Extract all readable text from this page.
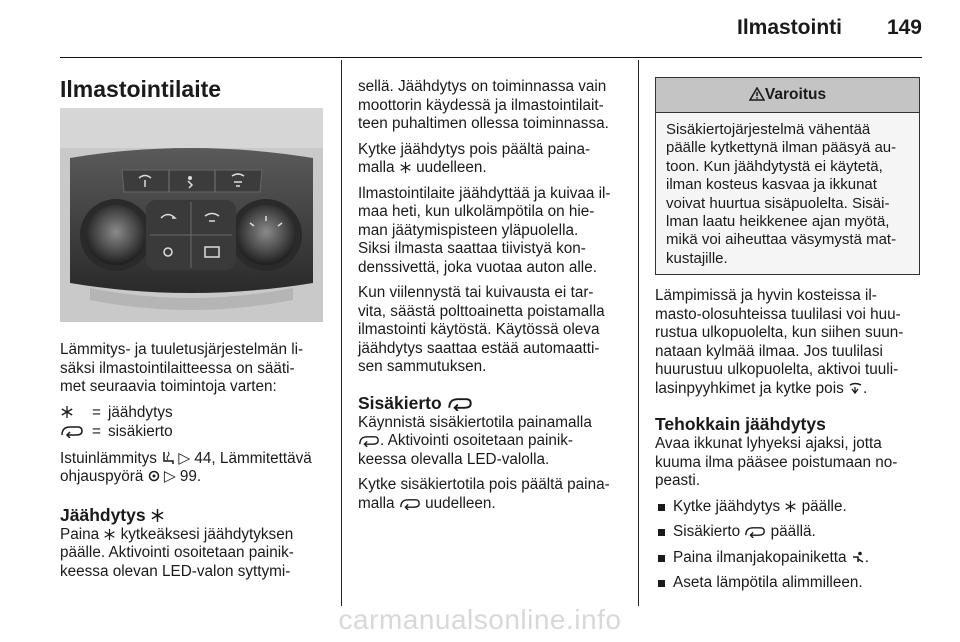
Ilmastointi 149
Ilmastointilaite

Lämmitys- ja tuuletusjärjestelmän li-
säksi ilmastointilaitteessa on sääti-
met seuraavia toimintoja varten:

= jäähdytys
= sisäkierto

Istuinlämmitys ▷ 44, Lämmitettävä
ohjauspyörä ▷ 99.

Jäähdytys

Paina kytkeäksesi jäähdytyksen
päälle. Aktivointi osoitetaan painik-
keessa olevan LED-valon syttymi-

sellä. Jäähdytys on toiminnassa vain
moottorin käydessä ja ilmastointilait-
teen puhaltimen ollessa toiminnassa.

Kytke jäähdytys pois päältä paina-
malla uudelleen.

Ilmastointilaite jäähdyttää ja kuivaa il-
maa heti, kun ulkolämpötila on hie-
man jäätymispisteen yläpuolella.
Siksi ilmasta saattaa tiivistyä kon-
denssivettä, joka vuotaa auton alle.

Kun viilennystä tai kuivausta ei tar-
vita, säästä polttoainetta poistamalla
ilmastointi käytöstä. Käytössä oleva
jäähdytys saattaa estää automaatti-
sen sammutuksen.

Sisäkierto

Käynnistä sisäkiertotila painamalla
. Aktivointi osoitetaan painik-
keessa olevalla LED-valolla.

Kytke sisäkiertotila pois päältä paina-
malla uudelleen.

Varoitus
Sisäkiertojärjestelmä vähentää
päälle kytkettynä ilman pääsyä au-
toon. Kun jäähdytystä ei käytetä,
ilman kosteus kasvaa ja ikkunat
voivat huurtua sisäpuolelta. Sisäi-
lman laatu heikkenee ajan myötä,
mikä voi aiheuttaa väsymystä mat-
kustajille.

Lämpimissä ja hyvin kosteissa il-
masto-olosuhteissa tuulilasi voi huu-
rustua ulkopuolelta, kun siihen suun-
nataan kylmää ilmaa. Jos tuulilasi
huurustuu ulkopuolelta, aktivoi tuuli-
lasinpyyhkimet ja kytke pois .

Tehokkain jäähdytys

Avaa ikkunat lyhyeksi ajaksi, jotta
kuuma ilma pääsee poistumaan no-
peasti.

Kytke jäähdytys päälle.
Sisäkierto päällä.
Paina ilmanjakopainiketta .
Aseta lämpötila alimmilleen.
carmanualsonline.info
